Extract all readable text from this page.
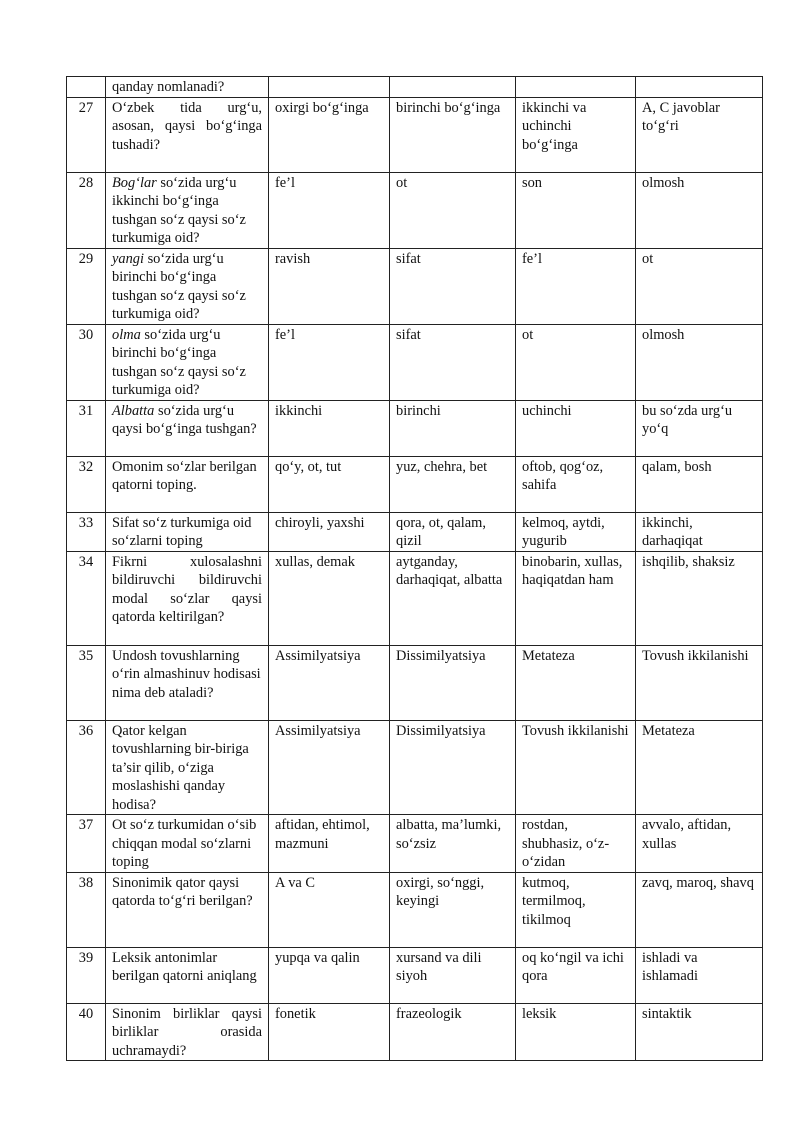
	qanday nomlanadi?				
27	O‘zbek tida urg‘u, asosan, qaysi bo‘g‘inga tushadi?	oxirgi bo‘g‘inga	birinchi bo‘g‘inga	ikkinchi va uchinchi bo‘g‘inga	A, C javoblar to‘g‘ri
28	Bog‘lar so‘zida urg‘u ikkinchi bo‘g‘inga tushgan so‘z qaysi so‘z turkumiga oid?	fe’l	ot	son	olmosh
29	yangi so‘zida urg‘u birinchi bo‘g‘inga tushgan so‘z qaysi so‘z turkumiga oid?	ravish	sifat	fe’l	ot
30	olma so‘zida urg‘u birinchi bo‘g‘inga tushgan so‘z qaysi so‘z turkumiga oid?	fe’l	sifat	ot	olmosh
31	Albatta so‘zida urg‘u qaysi bo‘g‘inga tushgan?	ikkinchi	birinchi	uchinchi	bu so‘zda urg‘u yo‘q
32	Omonim so‘zlar berilgan qatorni toping.	qo‘y, ot, tut	yuz, chehra, bet	oftob, qog‘oz, sahifa	qalam, bosh
33	Sifat so‘z turkumiga oid so‘zlarni toping	chiroyli, yaxshi	qora, ot, qalam, qizil	kelmoq, aytdi, yugurib	ikkinchi, darhaqiqat
34	Fikrni xulosalashni bildiruvchi bildiruvchi modal so‘zlar qaysi qatorda keltirilgan?	xullas, demak	aytganday, darhaqiqat, albatta	binobarin, xullas, haqiqatdan ham	ishqilib, shaksiz
35	Undosh tovushlarning o‘rin almashinuv hodisasi nima deb ataladi?	Assimilyatsiya	Dissimilyatsiya	Metateza	Tovush ikkilanishi
36	Qator kelgan tovushlarning bir-biriga ta’sir qilib, o‘ziga moslashishi qanday hodisa?	Assimilyatsiya	Dissimilyatsiya	Tovush ikkilanishi	Metateza
37	Ot so‘z turkumidan o‘sib chiqqan modal so‘zlarni toping	aftidan, ehtimol, mazmuni	albatta, ma’lumki, so‘zsiz	rostdan, shubhasiz, o‘z-o‘zidan	avvalo, aftidan, xullas
38	Sinonimik qator qaysi qatorda to‘g‘ri berilgan?	A va C	oxirgi, so‘nggi, keyingi	kutmoq, termilmoq, tikilmoq	zavq, maroq, shavq
39	Leksik antonimlar berilgan qatorni aniqlang	yupqa va qalin	xursand va dili siyoh	oq ko‘ngil va ichi qora	ishladi va ishlamadi
40	Sinonim birliklar qaysi birliklar orasida uchramaydi?	fonetik	frazeologik	leksik	sintaktik
